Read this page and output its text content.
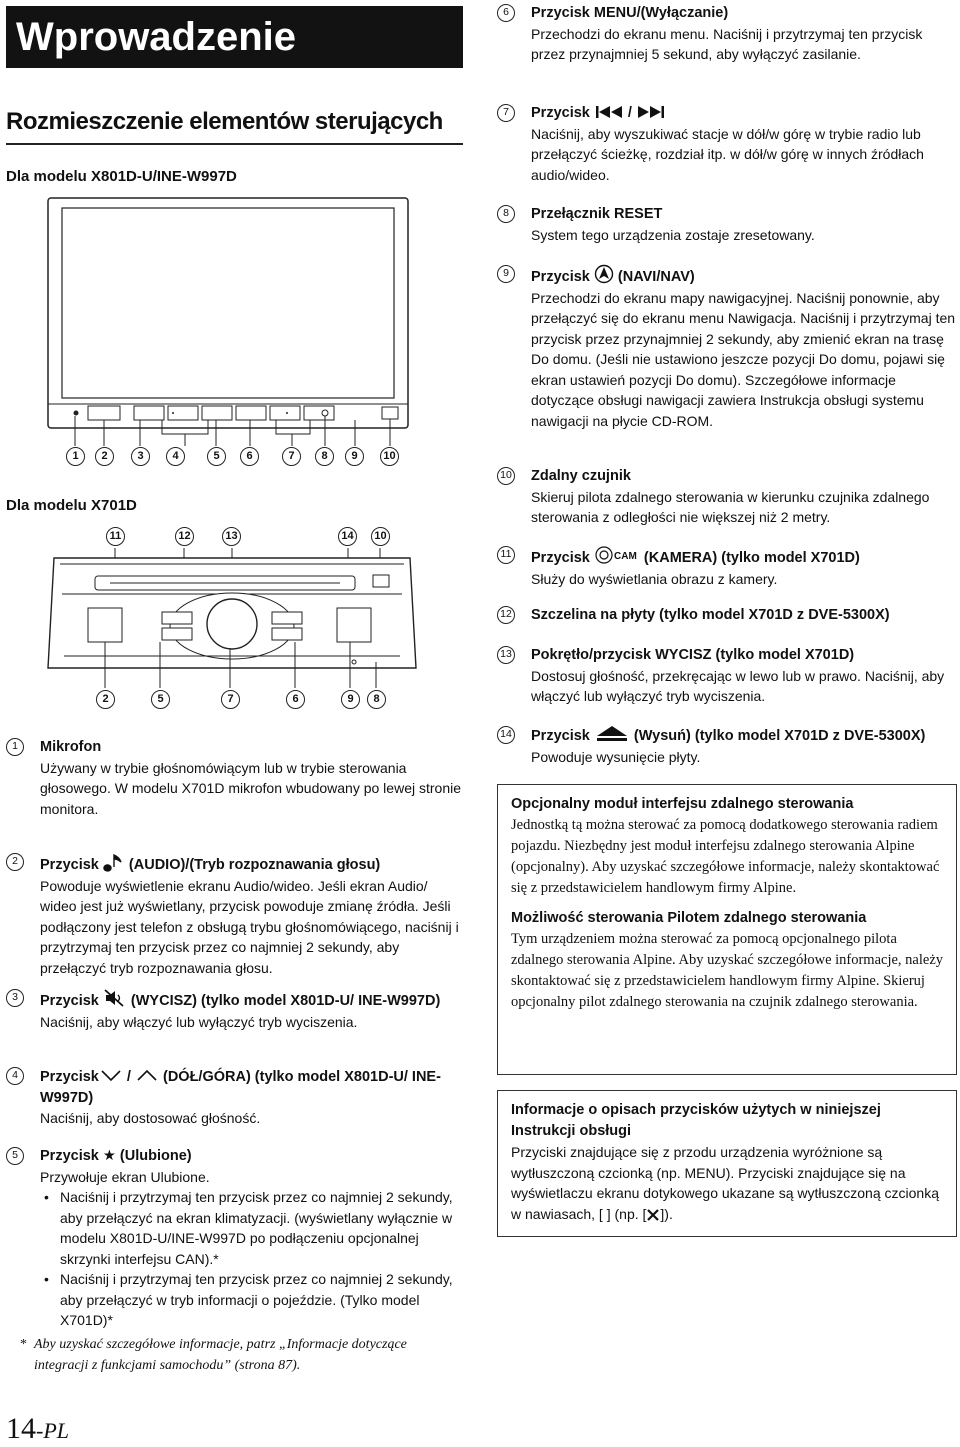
Wprowadzenie
Rozmieszczenie elementów sterujących
Dla modelu X801D-U/INE-W997D
1	2	3	4	5	6	7	8	9	10
Dla modelu X701D
11	12	13	14	10
2	5	7	6	9	8
1	Mikrofon
Używany w trybie głośnomówiącym lub w trybie sterowania głosowego. W modelu X701D mikrofon wbudowany po lewej stronie monitora.
2	Przycisk (AUDIO)/(Tryb rozpoznawania głosu)
Powoduje wyświetlenie ekranu Audio/wideo. Jeśli ekran Audio/ wideo jest już wyświetlany, przycisk powoduje zmianę źródła. Jeśli podłączony jest telefon z obsługą trybu głośnomówiącego, naciśnij i przytrzymaj ten przycisk przez co najmniej 2 sekundy, aby przełączyć tryb rozpoznawania głosu.
3	Przycisk (WYCISZ) (tylko model X801D-U/ INE-W997D)
Naciśnij, aby włączyć lub wyłączyć tryb wyciszenia.
4	Przycisk / (DÓŁ/GÓRA) (tylko model X801D-U/ INE-W997D)
Naciśnij, aby dostosować głośność.
5	Przycisk ★ (Ulubione)
Przywołuje ekran Ulubione.
• Naciśnij i przytrzymaj ten przycisk przez co najmniej 2 sekundy, aby przełączyć na ekran klimatyzacji. (wyświetlany wyłącznie w modelu X801D-U/INE-W997D po podłączeniu opcjonalnej skrzynki interfejsu CAN).*
• Naciśnij i przytrzymaj ten przycisk przez co najmniej 2 sekundy, aby przełączyć w tryb informacji o pojeździe. (Tylko model X701D)*
* Aby uzyskać szczegółowe informacje, patrz „Informacje dotyczące integracji z funkcjami samochodu” (strona 87).
6	Przycisk MENU/(Wyłączanie)
Przechodzi do ekranu menu. Naciśnij i przytrzymaj ten przycisk przez przynajmniej 5 sekund, aby wyłączyć zasilanie.
7	Przycisk	/
Naciśnij, aby wyszukiwać stacje w dół/w górę w trybie radio lub przełączyć ścieżkę, rozdział itp. w dół/w górę w innych źródłach audio/wideo.
8	Przełącznik RESET
System tego urządzenia zostaje zresetowany.
9	Przycisk (NAVI/NAV)
Przechodzi do ekranu mapy nawigacyjnej. Naciśnij ponownie, aby przełączyć się do ekranu menu Nawigacja. Naciśnij i przytrzymaj ten przycisk przez przynajmniej 2 sekundy, aby zmienić ekran na trasę Do domu. (Jeśli nie ustawiono jeszcze pozycji Do domu, pojawi się ekran ustawień pozycji Do domu). Szczegółowe informacje dotyczące obsługi nawigacji zawiera Instrukcja obsługi systemu nawigacji na płycie CD-ROM.
10 Zdalny czujnik
Skieruj pilota zdalnego sterowania w kierunku czujnika zdalnego sterowania z odległości nie większej niż 2 metry.
11 Przycisk CAM (KAMERA) (tylko model X701D)
Służy do wyświetlania obrazu z kamery.
12 Szczelina na płyty (tylko model X701D z DVE-5300X)
13 Pokrętło/przycisk WYCISZ (tylko model X701D)
Dostosuj głośność, przekręcając w lewo lub w prawo. Naciśnij, aby włączyć lub wyłączyć tryb wyciszenia.
14 Przycisk	(Wysuń) (tylko model X701D z DVE-5300X)
Powoduje wysunięcie płyty.
Opcjonalny moduł interfejsu zdalnego sterowania
Jednostką tą można sterować za pomocą dodatkowego sterowania radiem pojazdu. Niezbędny jest moduł interfejsu zdalnego sterowania Alpine (opcjonalny). Aby uzyskać szczegółowe informacje, należy skontaktować się z przedstawicielem handlowym firmy Alpine.
Możliwość sterowania Pilotem zdalnego sterowania
Tym urządzeniem można sterować za pomocą opcjonalnego pilota zdalnego sterowania Alpine. Aby uzyskać szczegółowe informacje, należy skontaktować się z przedstawicielem handlowym firmy Alpine. Skieruj opcjonalny pilot zdalnego sterowania na czujnik zdalnego sterowania.
Informacje o opisach przycisków użytych w niniejszej Instrukcji obsługi
Przyciski znajdujące się z przodu urządzenia wyróżnione są wytłuszczoną czcionką (np. MENU). Przyciski znajdujące się na wyświetlaczu ekranu dotykowego ukazane są wytłuszczoną czcionką w nawiasach, [ ] (np. [ ]).
14-PL
